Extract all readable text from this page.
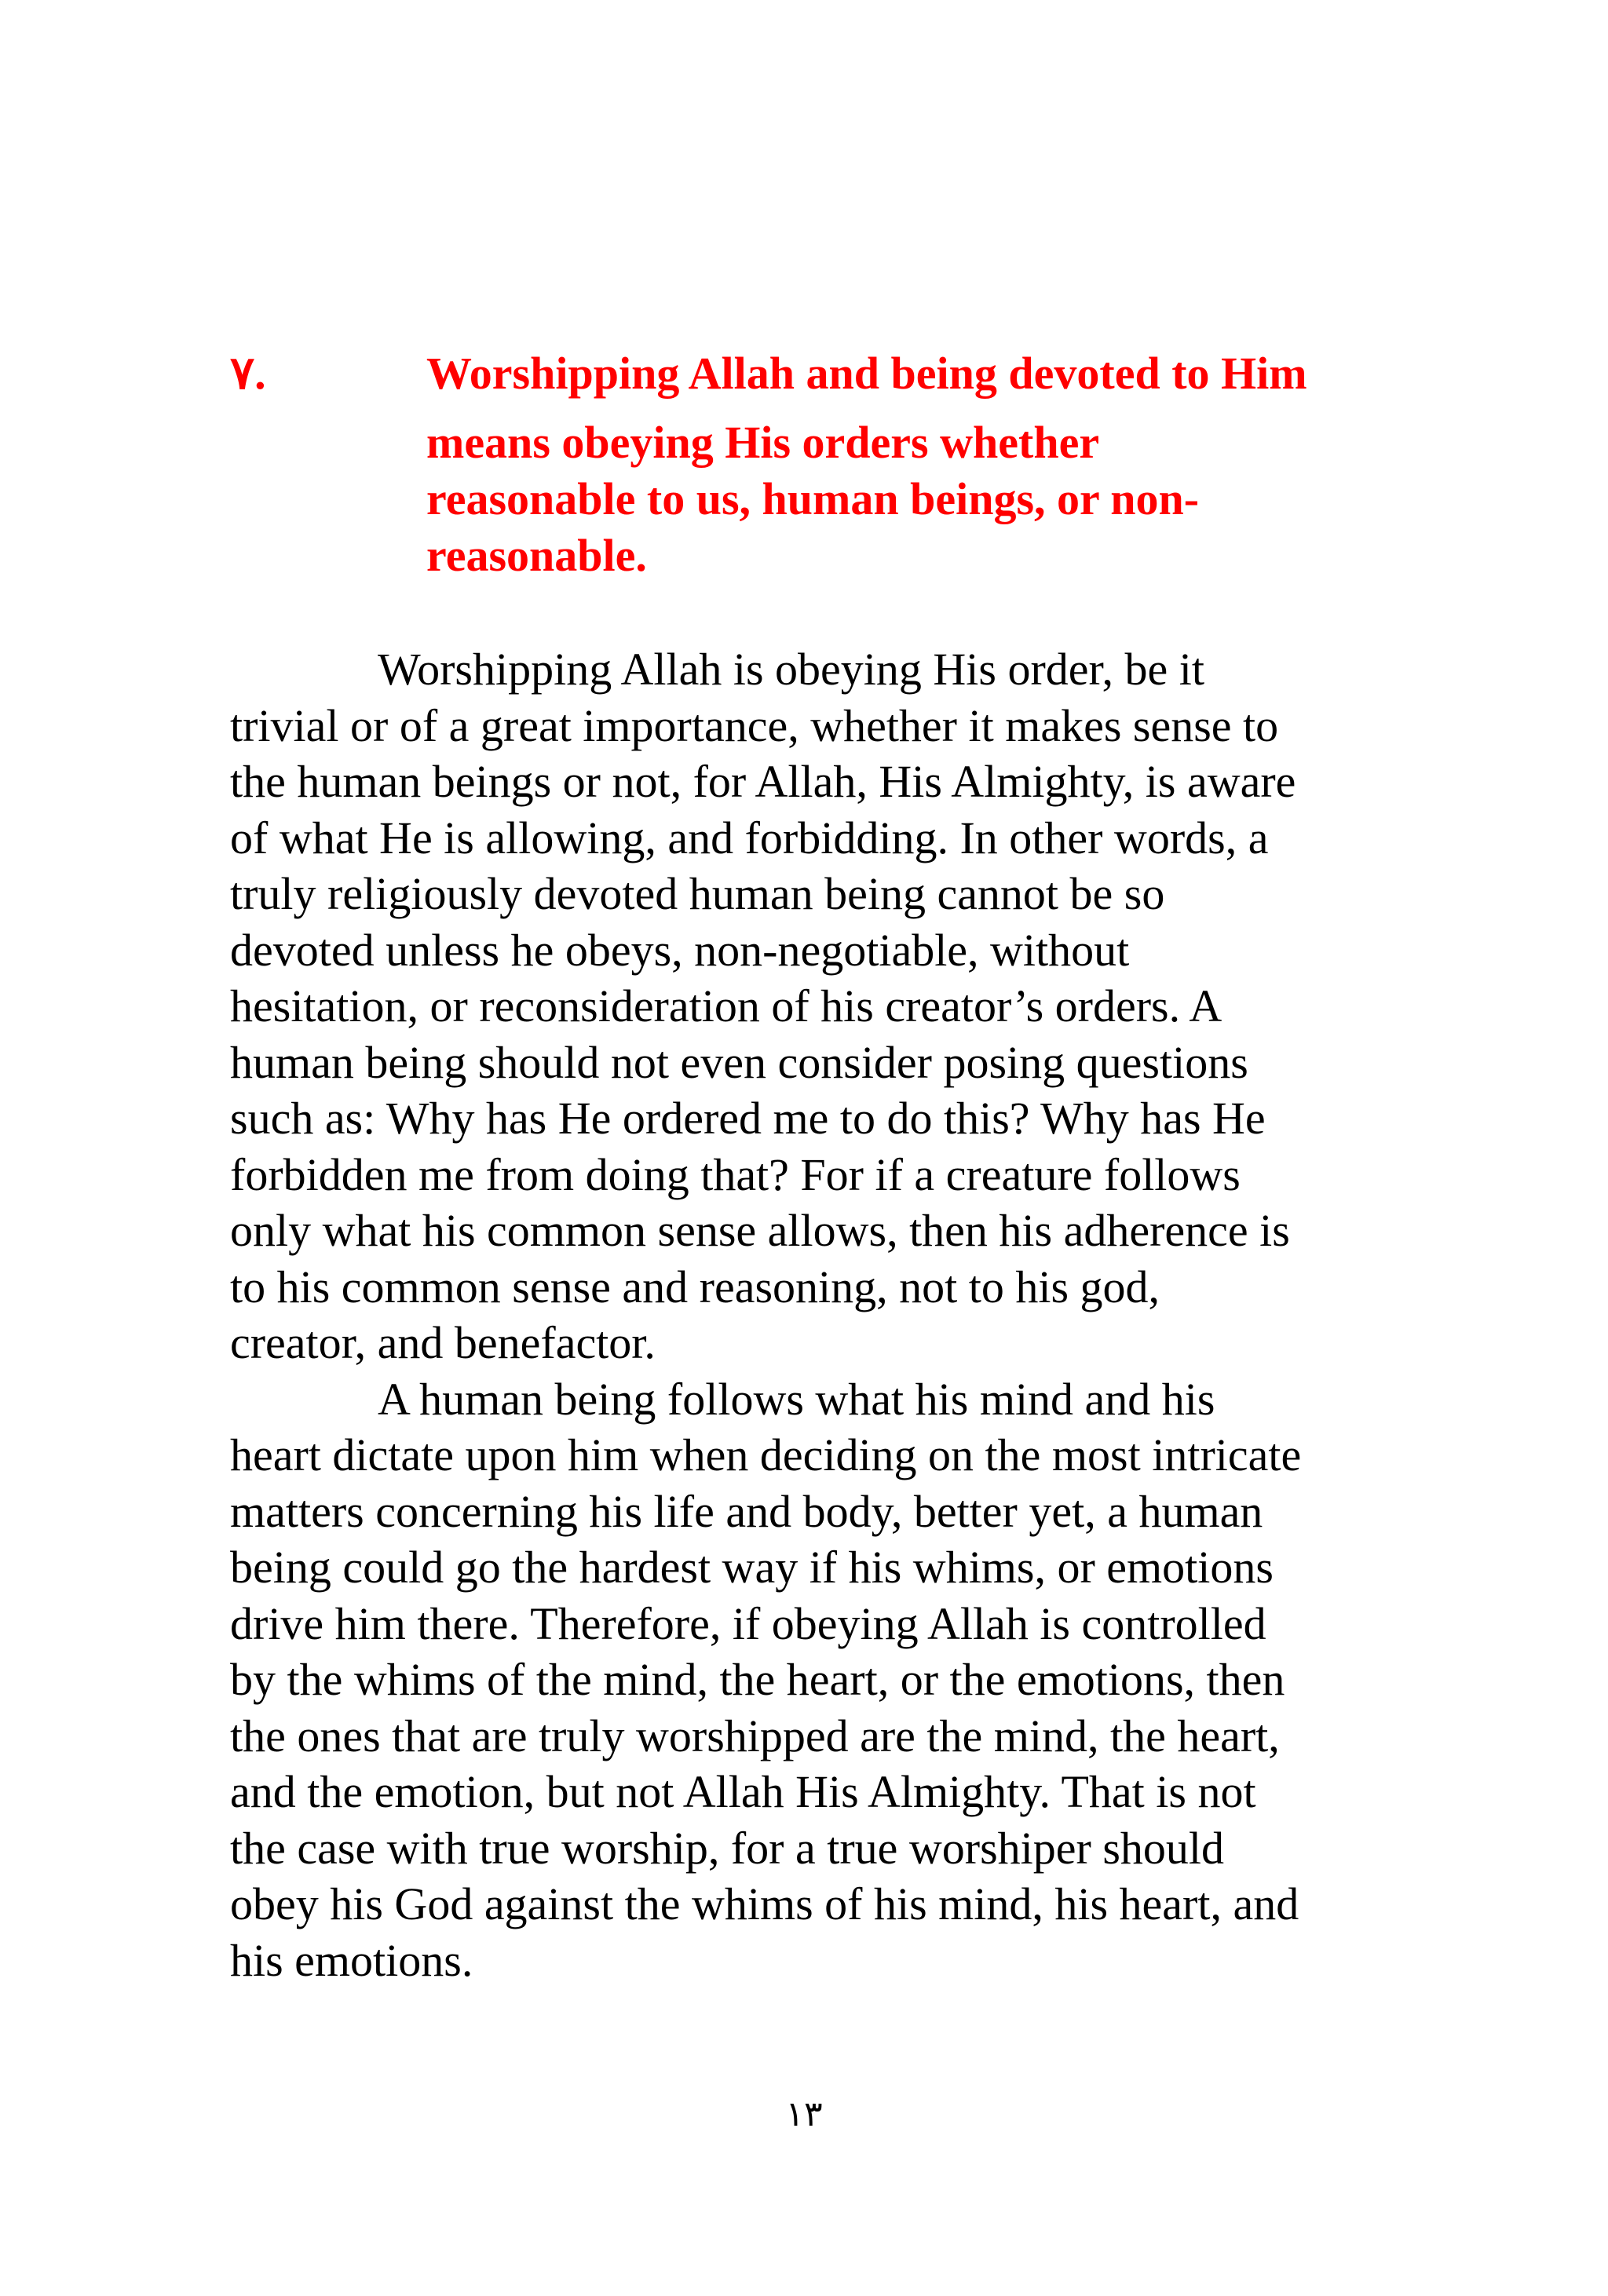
٧.	Worshipping Allah and being devoted to Him
means obeying His orders whether
reasonable to us, human beings, or non-
reasonable.
Worshipping Allah is obeying His order, be it
trivial or of a great importance, whether it makes sense to
the human beings or not, for Allah, His Almighty, is aware
of what He is allowing, and forbidding. In other words, a
truly religiously devoted human being cannot be so
devoted unless he obeys, non-negotiable, without
hesitation, or reconsideration of his creator’s orders. A
human being should not even consider posing questions
such as: Why has He ordered me to do this? Why has He
forbidden me from doing that? For if a creature follows
only what his common sense allows, then his adherence is
to his common sense and reasoning, not to his god,
creator, and benefactor.
A human being follows what his mind and his
heart dictate upon him when deciding on the most intricate
matters concerning his life and body, better yet, a human
being could go the hardest way if his whims, or emotions
drive him there. Therefore, if obeying Allah is controlled
by the whims of the mind, the heart, or the emotions, then
the ones that are truly worshipped are the mind, the heart,
and the emotion, but not Allah His Almighty. That is not
the case with true worship, for a true worshiper should
obey his God against the whims of his mind, his heart, and
his emotions.
١٣
